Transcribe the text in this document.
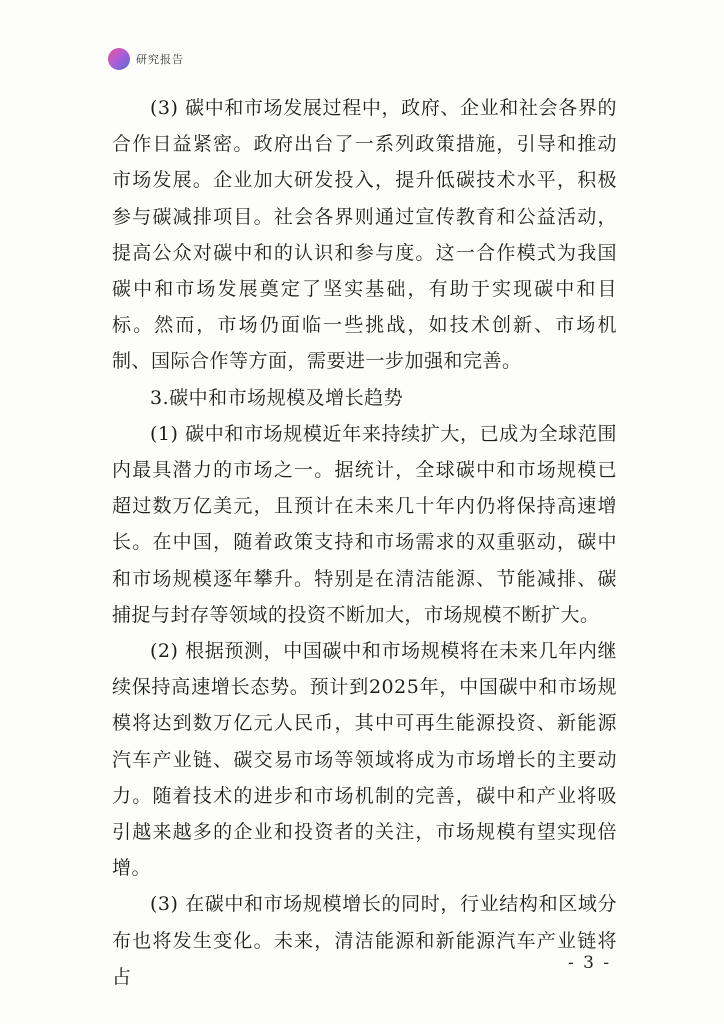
研究报告

(3) 碳中和市场发展过程中，政府、企业和社会各界的合作日益紧密。政府出台了一系列政策措施，引导和推动市场发展。企业加大研发投入，提升低碳技术水平，积极参与碳减排项目。社会各界则通过宣传教育和公益活动，提高公众对碳中和的认识和参与度。这一合作模式为我国碳中和市场发展奠定了坚实基础，有助于实现碳中和目标。然而，市场仍面临一些挑战，如技术创新、市场机制、国际合作等方面，需要进一步加强和完善。

3.碳中和市场规模及增长趋势

(1) 碳中和市场规模近年来持续扩大，已成为全球范围内最具潜力的市场之一。据统计，全球碳中和市场规模已超过数万亿美元，且预计在未来几十年内仍将保持高速增长。在中国，随着政策支持和市场需求的双重驱动，碳中和市场规模逐年攀升。特别是在清洁能源、节能减排、碳捕捉与封存等领域的投资不断加大，市场规模不断扩大。

(2) 根据预测，中国碳中和市场规模将在未来几年内继续保持高速增长态势。预计到2025年，中国碳中和市场规模将达到数万亿元人民币，其中可再生能源投资、新能源汽车产业链、碳交易市场等领域将成为市场增长的主要动力。随着技术的进步和市场机制的完善，碳中和产业将吸引越来越多的企业和投资者的关注，市场规模有望实现倍增。

(3) 在碳中和市场规模增长的同时，行业结构和区域分布也将发生变化。未来，清洁能源和新能源汽车产业链将占

- 3 -
